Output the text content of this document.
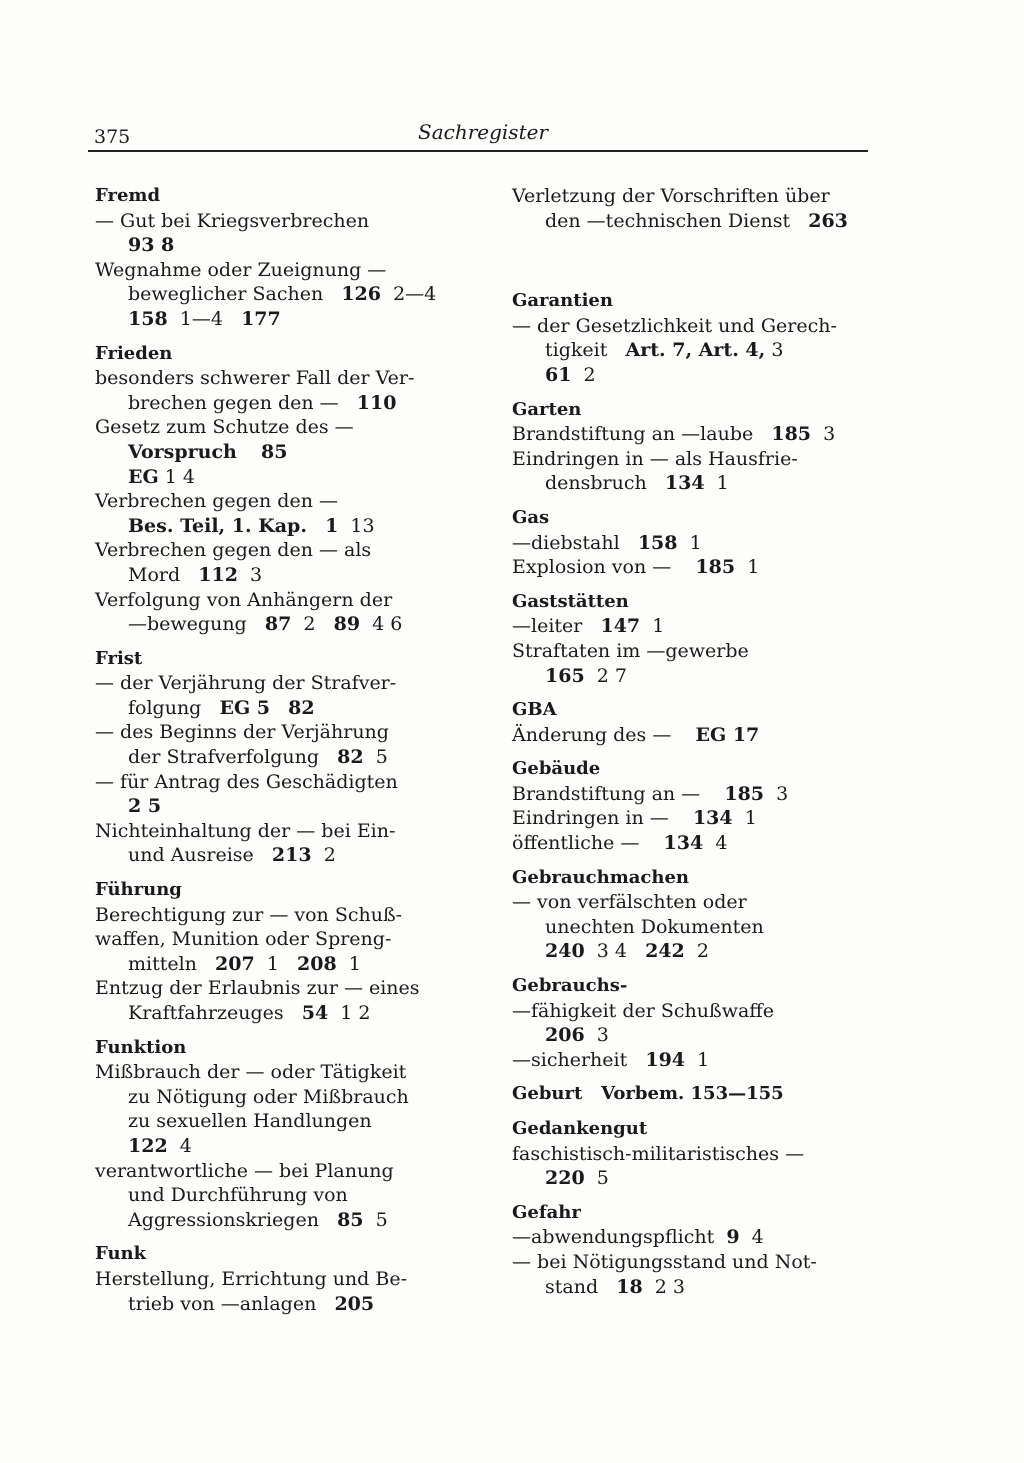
375	Sachregister
Fremd
— Gut bei Kriegsverbrechen
93 8
Wegnahme oder Zueignung —
beweglicher Sachen 126 2—4
158 1—4 177
Frieden
besonders schwerer Fall der Ver-
brechen gegen den — 110
Gesetz zum Schutze des —
Vorspruch 85
EG 1 4
Verbrechen gegen den —
Bes. Teil, 1. Kap. 1 13
Verbrechen gegen den — als
Mord 112 3
Verfolgung von Anhängern der
—bewegung 87 2 89 4 6
Frist
— der Verjährung der Strafver-
folgung EG 5 82
— des Beginns der Verjährung
der Strafverfolgung 82 5
— für Antrag des Geschädigten
2 5
Nichteinhaltung der — bei Ein-
und Ausreise 213 2
Führung
Berechtigung zur — von Schuß-
waffen, Munition oder Spreng-
mitteln 207 1 208 1
Entzug der Erlaubnis zur — eines
Kraftfahrzeuges 54 1 2
Funktion
Mißbrauch der — oder Tätigkeit
zu Nötigung oder Mißbrauch
zu sexuellen Handlungen
122 4
verantwortliche — bei Planung
und Durchführung von
Aggressionskriegen 85 5
Funk
Herstellung, Errichtung und Be-
trieb von —anlagen 205
Verletzung der Vorschriften über
den —technischen Dienst 263
Garantien
— der Gesetzlichkeit und Gerech-
tigkeit Art. 7, Art. 4, 3
61 2
Garten
Brandstiftung an —laube 185 3
Eindringen in — als Hausfrie-
densbruch 134 1
Gas
—diebstahl 158 1
Explosion von — 185 1
Gaststätten
—leiter 147 1
Straftaten im —gewerbe
165 2 7
GBA
Änderung des — EG 17
Gebäude
Brandstiftung an — 185 3
Eindringen in — 134 1
öffentliche — 134 4
Gebrauchmachen
— von verfälschten oder
unechten Dokumenten
240 3 4 242 2
Gebrauchs-
—fähigkeit der Schußwaffe
206 3
—sicherheit 194 1
Geburt Vorbem. 153—155
Gedankengut
faschistisch-militaristisches —
220 5
Gefahr
—abwendungspflicht 9 4
— bei Nötigungsstand und Not-
stand 18 2 3
